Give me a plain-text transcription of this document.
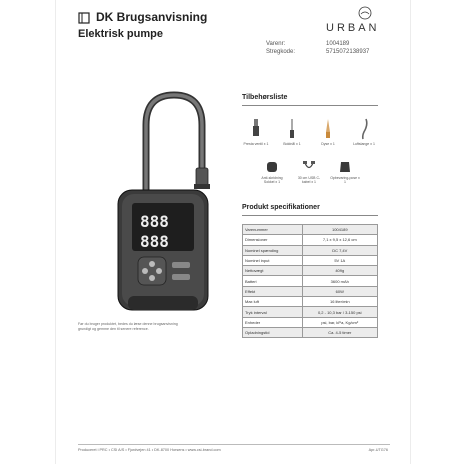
DK Brugsanvisning
Elektrisk pumpe	URBAN
Varenr:	1004189
Stregkode:	5715072138937
888
888
Tilbehørsliste
Presta ventil x 1	Boldnål x 1	Dyse x 1	Luftslange x 1
Anti-skridning Sokkel x 1
30 cm USB C-kabel x 1
Opbevaring-pose x 1
Produkt specifikationer
Varenummer	1004189
Dimensioner	7,1 x 9,5 x 12,6 cm
Nominel spænding	DC 7,4V
Nominel input	5V 1A
Nettovægt	409g
Batteri	3600 mAh
Effekt	60W
Max luft	16 liter/min
Tryk interval	0,2 - 10,3 bar / 3-150 psi
Enheder	psi, bar, kPa, Kg/cm²
Opladningstid	Ca. 4-5 timer
Før du bruger produktet, bedes du læse denne brugsanvisning grundigt og gemme den til senere reference.
Produceret i PRC • CSI A/S • Fjordvejen 41 • DK-8700 Horsens • www.csi-brand.com	Apr-UTG76
